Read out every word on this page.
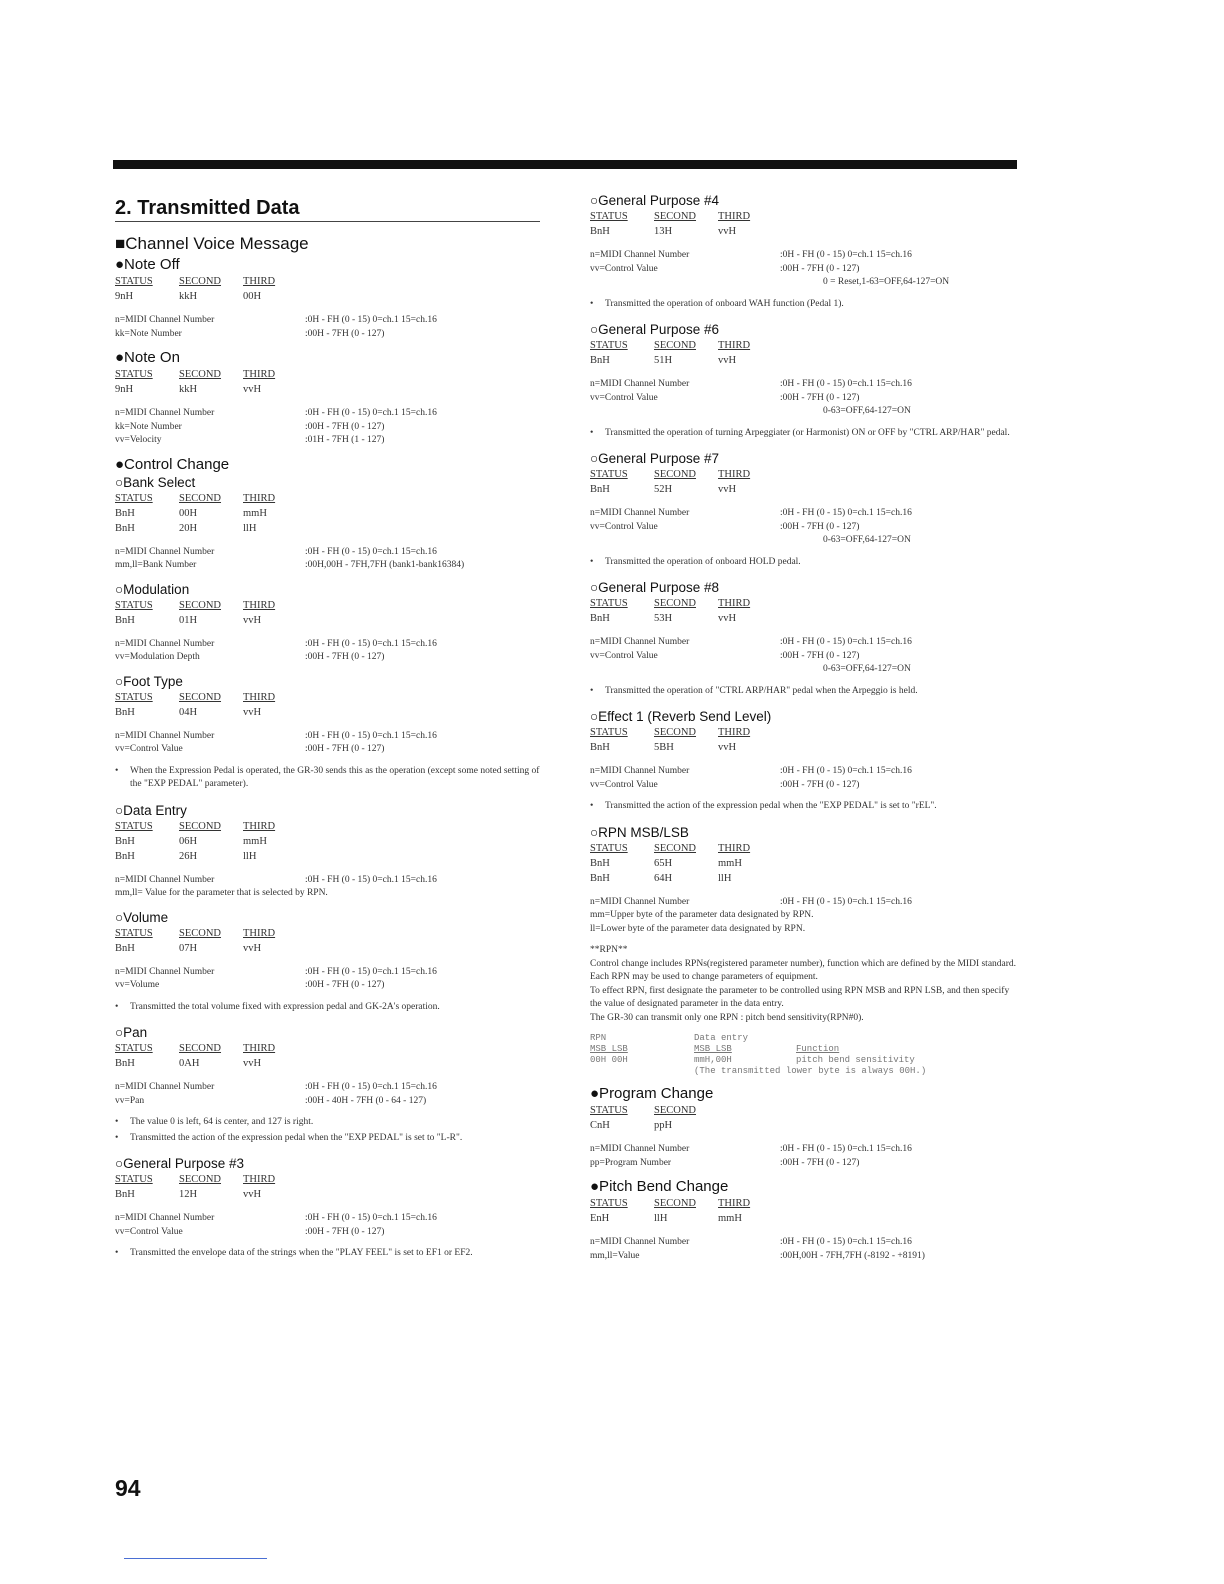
2. Transmitted Data
■Channel Voice Message
●Note Off
STATUS	SECOND	THIRD
9nH	kkH	00H
n=MIDI Channel Number	:0H - FH (0 - 15) 0=ch.1 15=ch.16
kk=Note Number	:00H - 7FH (0 - 127)
●Note On
STATUS	SECOND	THIRD
9nH	kkH	vvH
n=MIDI Channel Number	:0H - FH (0 - 15) 0=ch.1 15=ch.16
kk=Note Number	:00H - 7FH (0 - 127)
vv=Velocity	:01H - 7FH (1 - 127)
●Control Change
○Bank Select
STATUS	SECOND	THIRD
BnH	00H	mmH
BnH	20H	llH
n=MIDI Channel Number	:0H - FH (0 - 15) 0=ch.1 15=ch.16
mm,ll=Bank Number	:00H,00H - 7FH,7FH (bank1-bank16384)
○Modulation
STATUS	SECOND	THIRD
BnH	01H	vvH
n=MIDI Channel Number	:0H - FH (0 - 15) 0=ch.1 15=ch.16
vv=Modulation Depth	:00H - 7FH (0 - 127)
○Foot Type
STATUS	SECOND	THIRD
BnH	04H	vvH
n=MIDI Channel Number	:0H - FH (0 - 15) 0=ch.1 15=ch.16
vv=Control Value	:00H - 7FH (0 - 127)
• When the Expression Pedal is operated, the GR-30 sends this as the operation (except some noted setting of the "EXP PEDAL" parameter).
○Data Entry
STATUS	SECOND	THIRD
BnH	06H	mmH
BnH	26H	llH
n=MIDI Channel Number	:0H - FH (0 - 15) 0=ch.1 15=ch.16
mm,ll= Value for the parameter that is selected by RPN.
○Volume
STATUS	SECOND	THIRD
BnH	07H	vvH
n=MIDI Channel Number	:0H - FH (0 - 15) 0=ch.1 15=ch.16
vv=Volume	:00H - 7FH (0 - 127)
• Transmitted the total volume fixed with expression pedal and GK-2A's operation.
○Pan
STATUS	SECOND	THIRD
BnH	0AH	vvH
n=MIDI Channel Number	:0H - FH (0 - 15) 0=ch.1 15=ch.16
vv=Pan	:00H - 40H - 7FH (0 - 64 - 127)
• The value 0 is left, 64 is center, and 127 is right.
• Transmitted the action of the expression pedal when the "EXP PEDAL" is set to "L-R".
○General Purpose #3
STATUS	SECOND	THIRD
BnH	12H	vvH
n=MIDI Channel Number	:0H - FH (0 - 15) 0=ch.1 15=ch.16
vv=Control Value	:00H - 7FH (0 - 127)
• Transmitted the envelope data of the strings when the "PLAY FEEL" is set to EF1 or EF2.
○General Purpose #4
STATUS	SECOND	THIRD
BnH	13H	vvH
n=MIDI Channel Number	:0H - FH (0 - 15) 0=ch.1 15=ch.16
vv=Control Value	:00H - 7FH (0 - 127)
0 = Reset,1-63=OFF,64-127=ON
• Transmitted the operation of onboard WAH function (Pedal 1).
○General Purpose #6
STATUS	SECOND	THIRD
BnH	51H	vvH
n=MIDI Channel Number	:0H - FH (0 - 15) 0=ch.1 15=ch.16
vv=Control Value	:00H - 7FH (0 - 127)
0-63=OFF,64-127=ON
• Transmitted the operation of turning Arpeggiater (or Harmonist) ON or OFF by "CTRL ARP/HAR" pedal.
○General Purpose #7
STATUS	SECOND	THIRD
BnH	52H	vvH
n=MIDI Channel Number	:0H - FH (0 - 15) 0=ch.1 15=ch.16
vv=Control Value	:00H - 7FH (0 - 127)
0-63=OFF,64-127=ON
• Transmitted the operation of onboard HOLD pedal.
○General Purpose #8
STATUS	SECOND	THIRD
BnH	53H	vvH
n=MIDI Channel Number	:0H - FH (0 - 15) 0=ch.1 15=ch.16
vv=Control Value	:00H - 7FH (0 - 127)
0-63=OFF,64-127=ON
• Transmitted the operation of "CTRL ARP/HAR" pedal when the Arpeggio is held.
○Effect 1 (Reverb Send Level)
STATUS	SECOND	THIRD
BnH	5BH	vvH
n=MIDI Channel Number	:0H - FH (0 - 15) 0=ch.1 15=ch.16
vv=Control Value	:00H - 7FH (0 - 127)
• Transmitted the action of the expression pedal when the "EXP PEDAL" is set to "rEL".
○RPN MSB/LSB
STATUS	SECOND	THIRD
BnH	65H	mmH
BnH	64H	llH
n=MIDI Channel Number	:0H - FH (0 - 15) 0=ch.1 15=ch.16
mm=Upper byte of the parameter data designated by RPN.
ll=Lower byte of the parameter data designated by RPN.

**RPN**

Control change includes RPNs(registered parameter number), function which are defined by the MIDI standard. Each RPN may be used to change parameters of equipment.

To effect RPN, first designate the parameter to be controlled using RPN MSB and RPN LSB, and then specify the value of designated parameter in the data entry.

The GR-30 can transmit only one RPN : pitch bend sensitivity(RPN#0).

RPN	Data entry
MSB LSB	MSB LSB	Function
00H 00H	mmH,00H	pitch bend sensitivity
(The transmitted lower byte is always 00H.)
●Program Change
STATUS	SECOND
CnH	ppH
n=MIDI Channel Number	:0H - FH (0 - 15) 0=ch.1 15=ch.16
pp=Program Number	:00H - 7FH (0 - 127)
●Pitch Bend Change
STATUS	SECOND	THIRD
EnH	llH	mmH
n=MIDI Channel Number	:0H - FH (0 - 15) 0=ch.1 15=ch.16
mm,ll=Value	:00H,00H - 7FH,7FH (-8192 - +8191)
94
